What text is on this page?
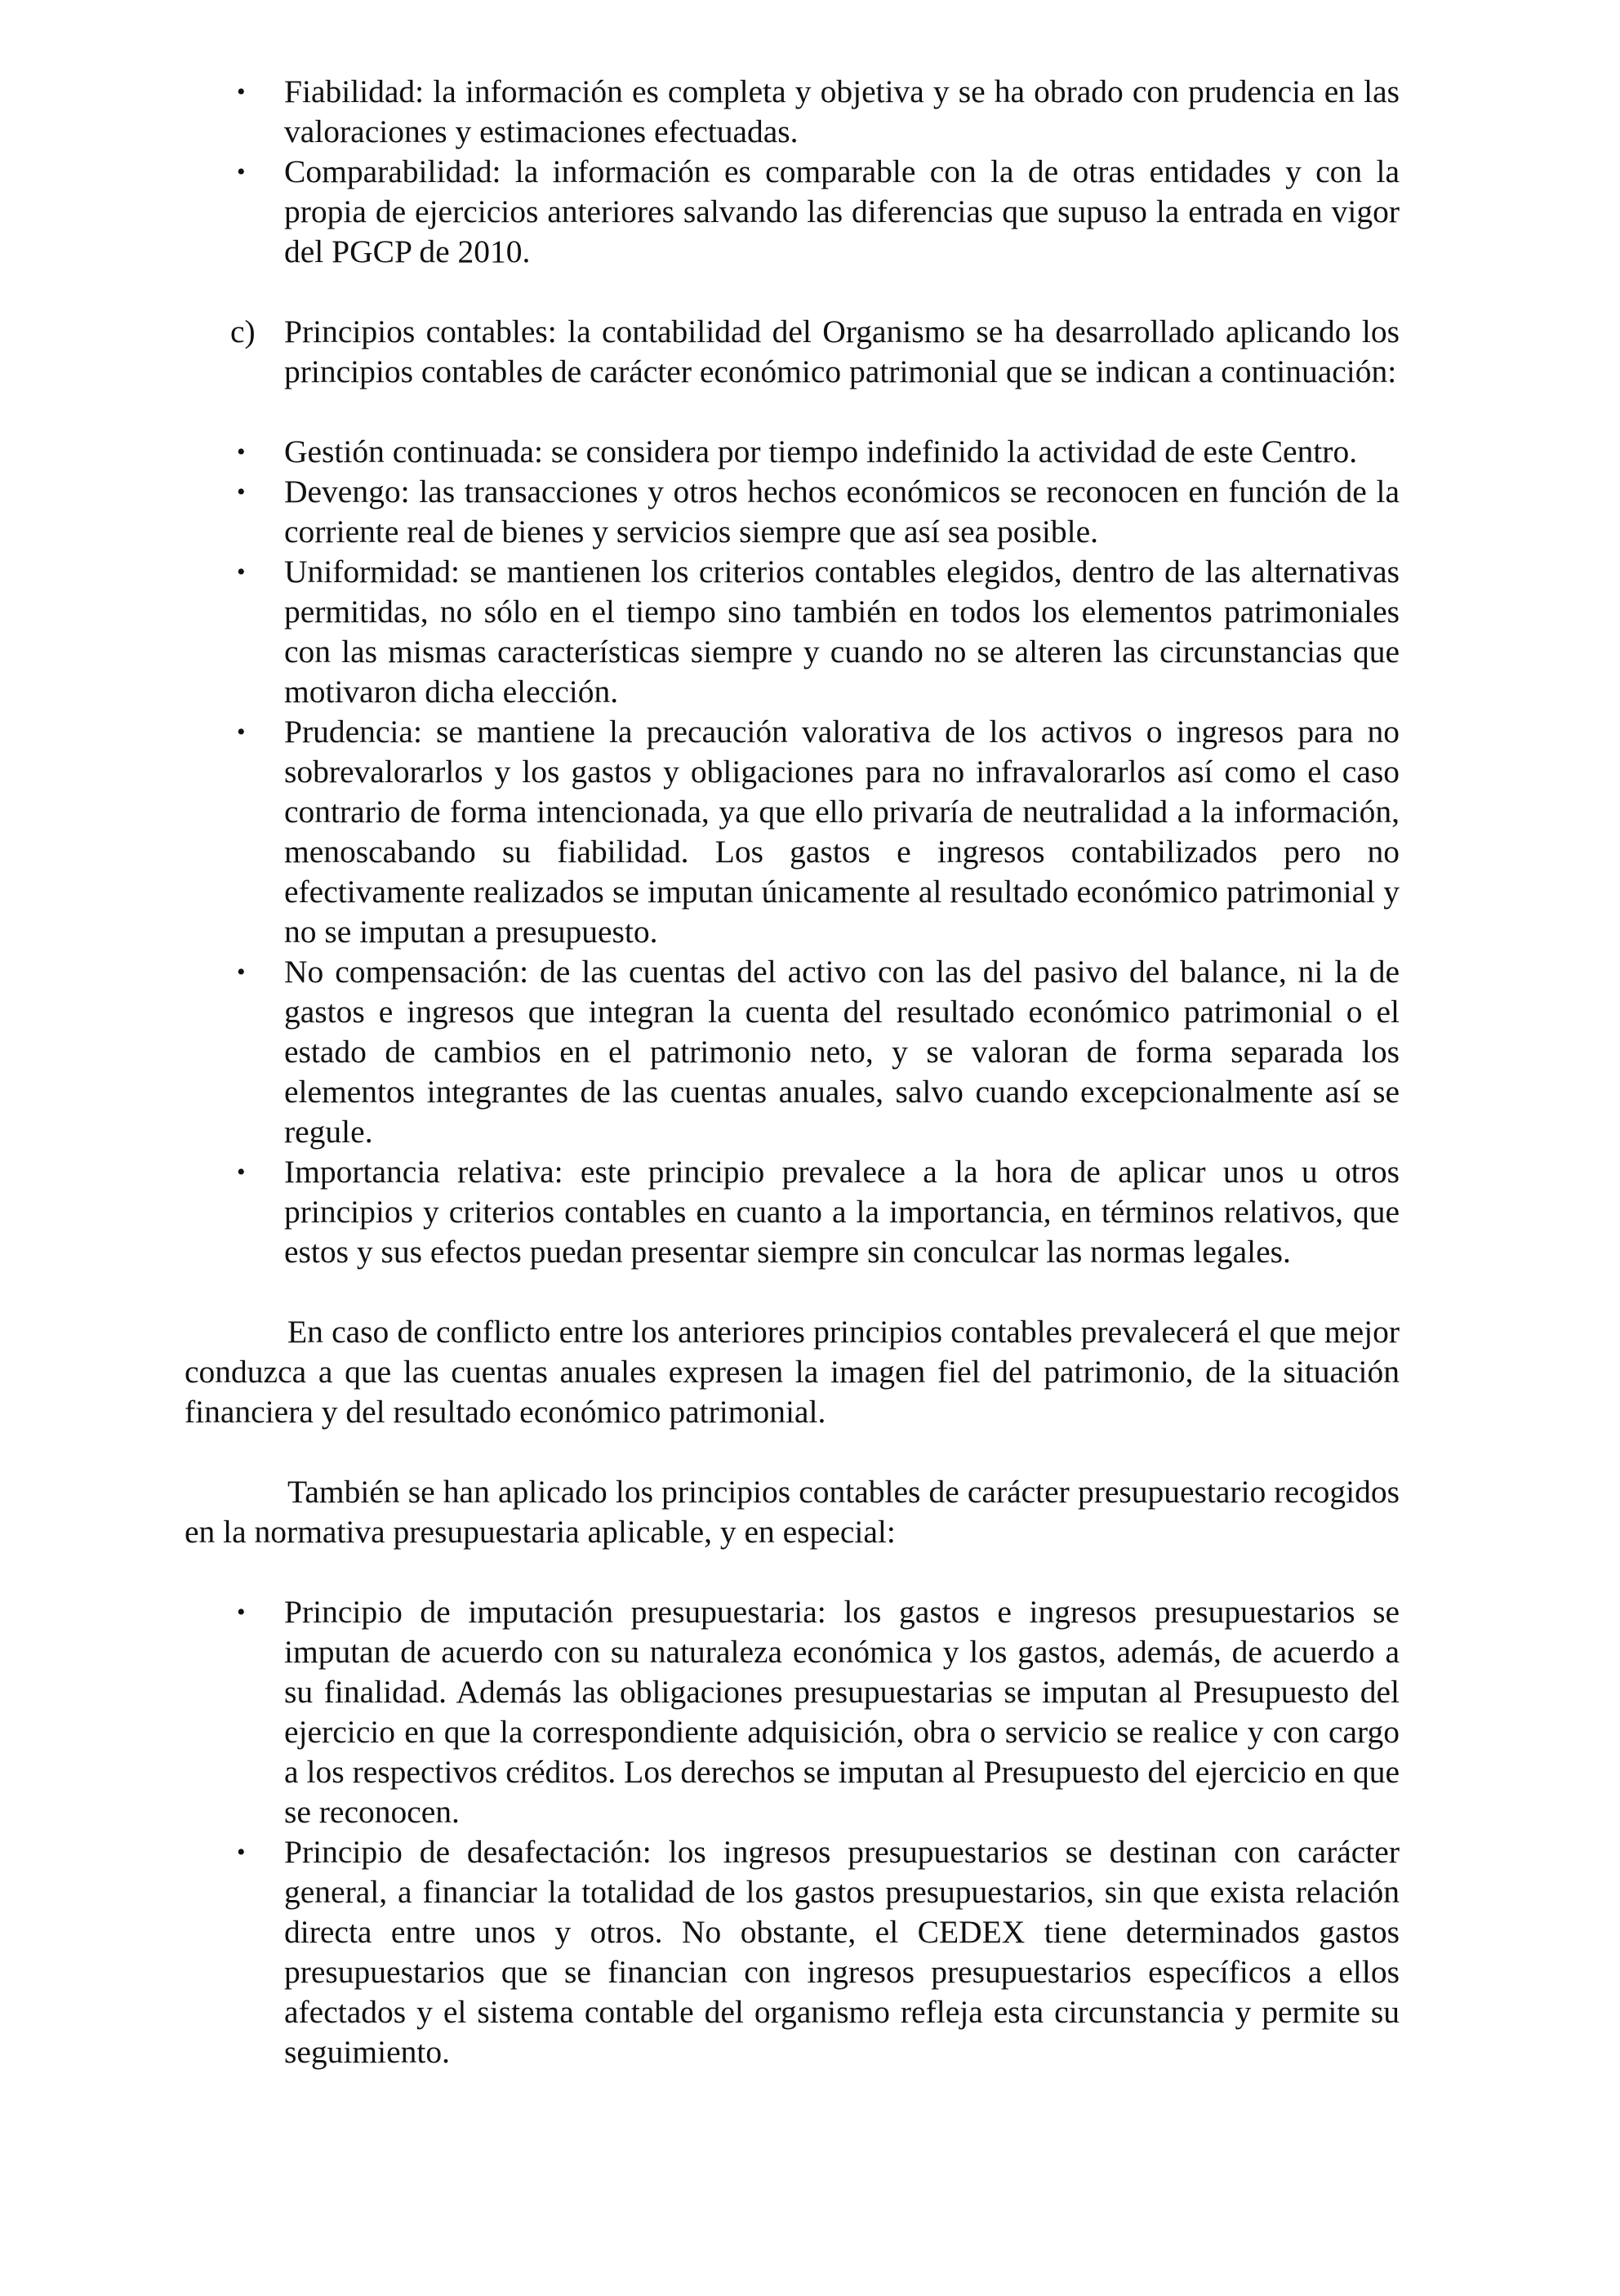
•	Fiabilidad: la información es completa y objetiva y se ha obrado con prudencia en las valoraciones y estimaciones efectuadas.
•	Comparabilidad: la información es comparable con la de otras entidades y con la propia de ejercicios anteriores salvando las diferencias que supuso la entrada en vigor del PGCP de 2010.
c) Principios contables: la contabilidad del Organismo se ha desarrollado aplicando los principios contables de carácter económico patrimonial que se indican a continuación:
•	Gestión continuada: se considera por tiempo indefinido la actividad de este Centro.
•	Devengo: las transacciones y otros hechos económicos se reconocen en función de la corriente real de bienes y servicios siempre que así sea posible.
•	Uniformidad: se mantienen los criterios contables elegidos, dentro de las alternativas permitidas, no sólo en el tiempo sino también en todos los elementos patrimoniales con las mismas características siempre y cuando no se alteren las circunstancias que motivaron dicha elección.
•	Prudencia: se mantiene la precaución valorativa de los activos o ingresos para no sobrevalorarlos y los gastos y obligaciones para no infravalorarlos así como el caso contrario de forma intencionada, ya que ello privaría de neutralidad a la información, menoscabando su fiabilidad. Los gastos e ingresos contabilizados pero no efectivamente realizados se imputan únicamente al resultado económico patrimonial y no se imputan a presupuesto.
•	No compensación: de las cuentas del activo con las del pasivo del balance, ni la de gastos e ingresos que integran la cuenta del resultado económico patrimonial o el estado de cambios en el patrimonio neto, y se valoran de forma separada los elementos integrantes de las cuentas anuales, salvo cuando excepcionalmente así se regule.
•	Importancia relativa: este principio prevalece a la hora de aplicar unos u otros principios y criterios contables en cuanto a la importancia, en términos relativos, que estos y sus efectos puedan presentar siempre sin conculcar las normas legales.

En caso de conflicto entre los anteriores principios contables prevalecerá el que mejor conduzca a que las cuentas anuales expresen la imagen fiel del patrimonio, de la situación financiera y del resultado económico patrimonial.

También se han aplicado los principios contables de carácter presupuestario recogidos en la normativa presupuestaria aplicable, y en especial:

•	Principio de imputación presupuestaria: los gastos e ingresos presupuestarios se imputan de acuerdo con su naturaleza económica y los gastos, además, de acuerdo a su finalidad. Además las obligaciones presupuestarias se imputan al Presupuesto del ejercicio en que la correspondiente adquisición, obra o servicio se realice y con cargo a los respectivos créditos. Los derechos se imputan al Presupuesto del ejercicio en que se reconocen.
•	Principio de desafectación: los ingresos presupuestarios se destinan con carácter general, a financiar la totalidad de los gastos presupuestarios, sin que exista relación directa entre unos y otros. No obstante, el CEDEX tiene determinados gastos presupuestarios que se financian con ingresos presupuestarios específicos a ellos afectados y el sistema contable del organismo refleja esta circunstancia y permite su seguimiento.
